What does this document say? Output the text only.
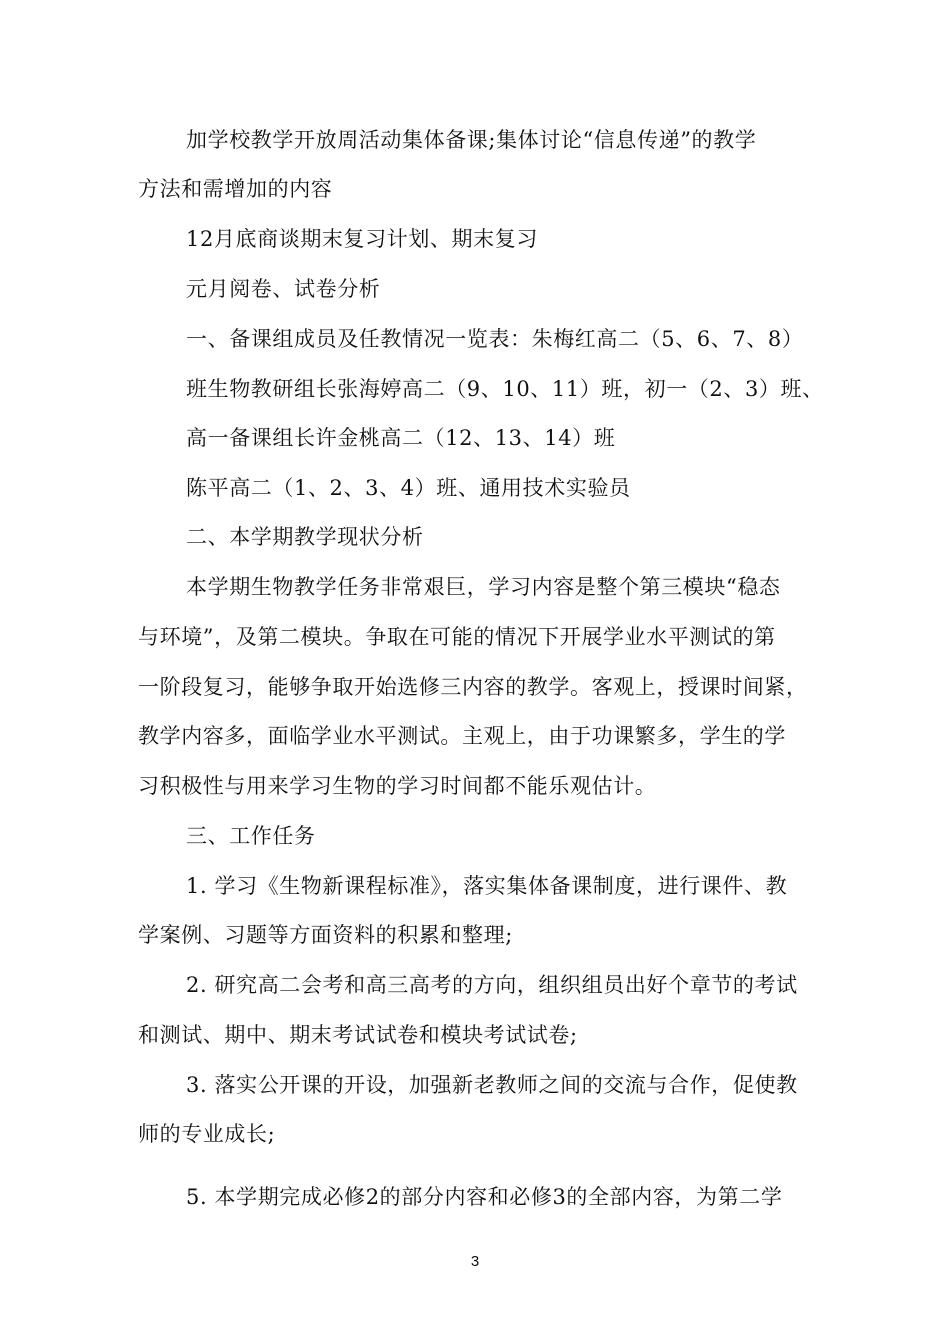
加学校教学开放周活动集体备课;集体讨论“信息传递”的教学
方法和需增加的内容
12月底商谈期末复习计划、期末复习
元月阅卷、试卷分析
一、备课组成员及任教情况一览表：朱梅红高二（5、6、7、8）
班生物教研组长张海婷高二（9、10、11）班，初一（2、3）班、
高一备课组长许金桃高二（12、13、14）班
陈平高二（1、2、3、4）班、通用技术实验员
二、本学期教学现状分析
本学期生物教学任务非常艰巨，学习内容是整个第三模块“稳态
与环境”，及第二模块。争取在可能的情况下开展学业水平测试的第
一阶段复习，能够争取开始选修三内容的教学。客观上，授课时间紧，
教学内容多，面临学业水平测试。主观上，由于功课繁多，学生的学
习积极性与用来学习生物的学习时间都不能乐观估计。
三、工作任务
1. 学习《生物新课程标准》，落实集体备课制度，进行课件、教
学案例、习题等方面资料的积累和整理;
2. 研究高二会考和高三高考的方向，组织组员出好个章节的考试
和测试、期中、期末考试试卷和模块考试试卷;
3. 落实公开课的开设，加强新老教师之间的交流与合作，促使教
师的专业成长;
5. 本学期完成必修2的部分内容和必修3的全部内容，为第二学
3
